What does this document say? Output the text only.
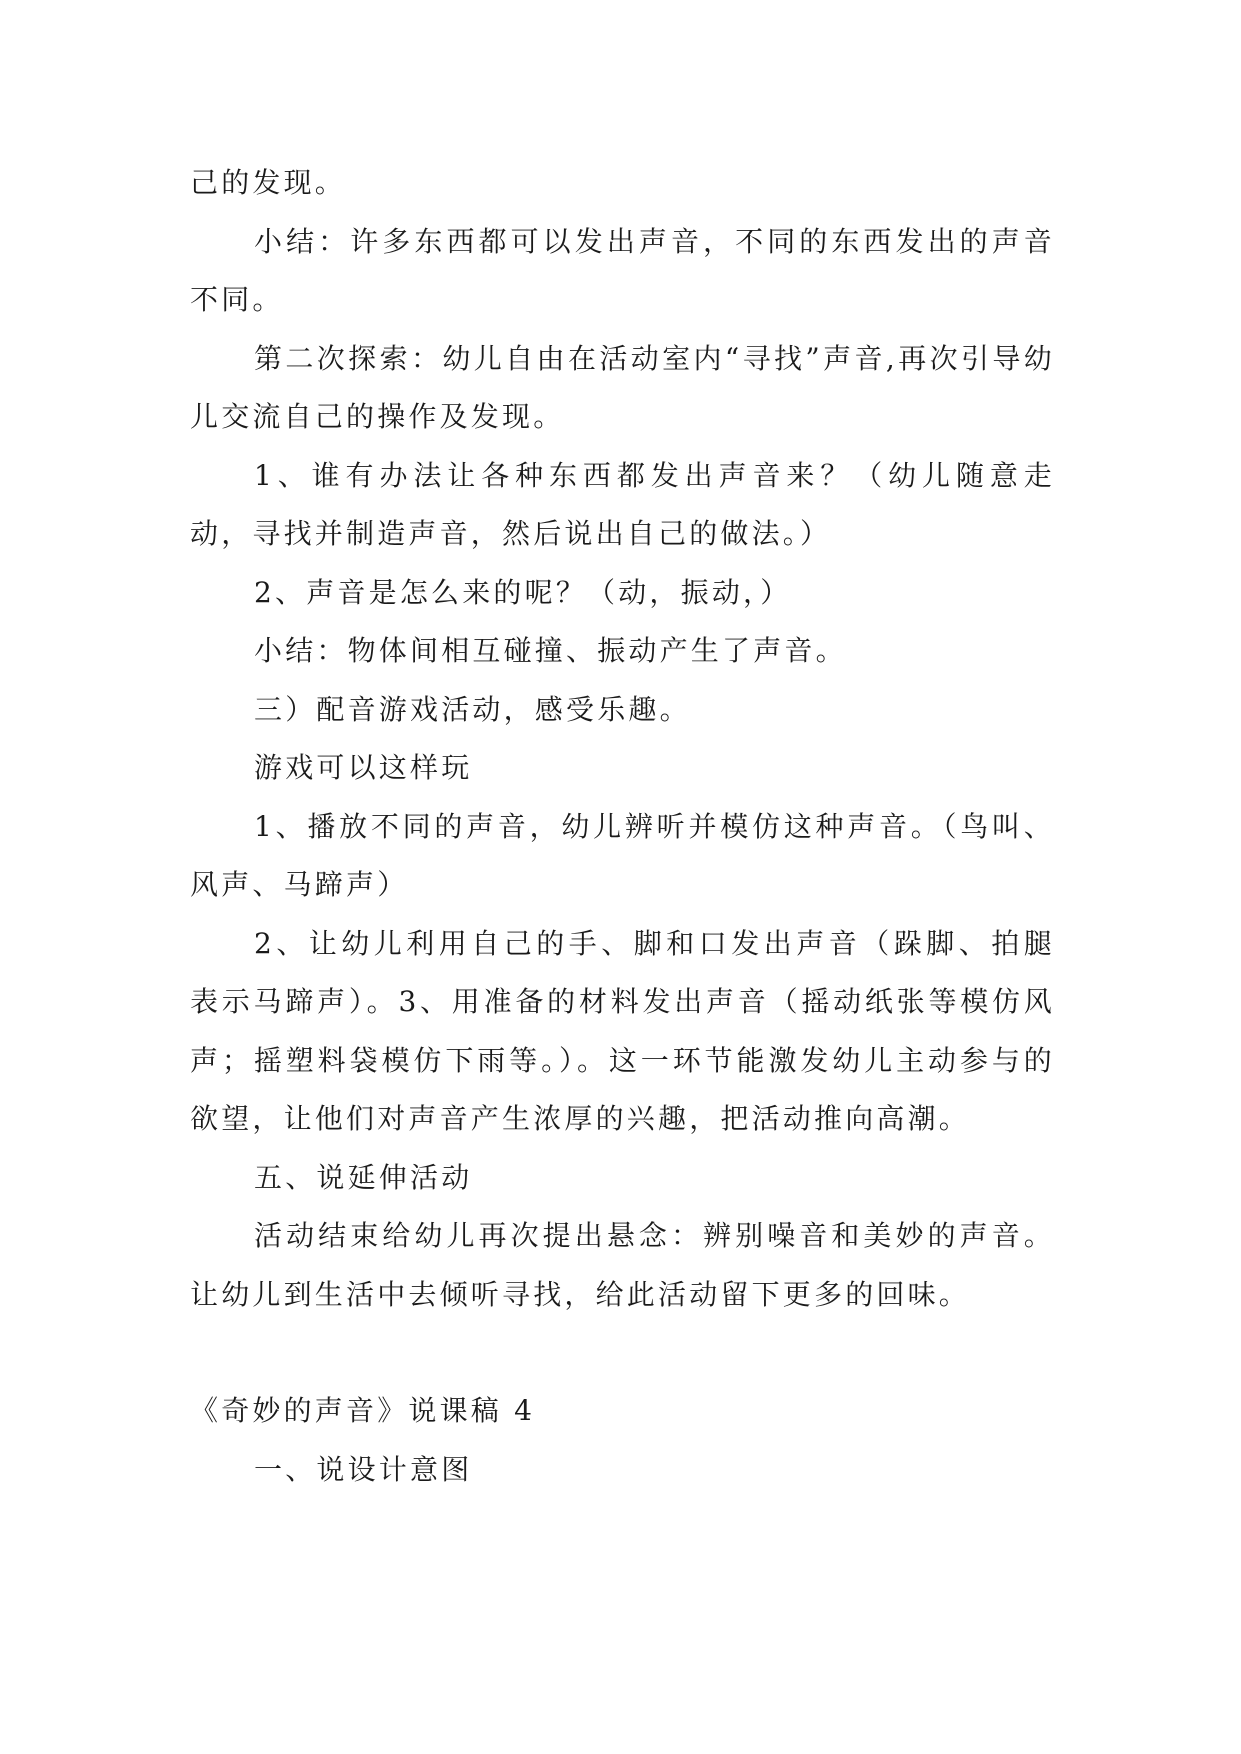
己的发现。

小结：许多东西都可以发出声音，不同的东西发出的声音不同。

第二次探索：幼儿自由在活动室内“寻找”声音,再次引导幼儿交流自己的操作及发现。

1、谁有办法让各种东西都发出声音来？（幼儿随意走动，寻找并制造声音，然后说出自己的做法。）

2、声音是怎么来的呢？（动，振动，）

小结：物体间相互碰撞、振动产生了声音。

三）配音游戏活动，感受乐趣。

游戏可以这样玩

1、播放不同的声音，幼儿辨听并模仿这种声音。（鸟叫、风声、马蹄声）

2、让幼儿利用自己的手、脚和口发出声音（跺脚、拍腿表示马蹄声）。3、用准备的材料发出声音（摇动纸张等模仿风声；摇塑料袋模仿下雨等。）。这一环节能激发幼儿主动参与的欲望，让他们对声音产生浓厚的兴趣，把活动推向高潮。

五、说延伸活动

活动结束给幼儿再次提出悬念：辨别噪音和美妙的声音。让幼儿到生活中去倾听寻找，给此活动留下更多的回味。

《奇妙的声音》说课稿 4

一、说设计意图
